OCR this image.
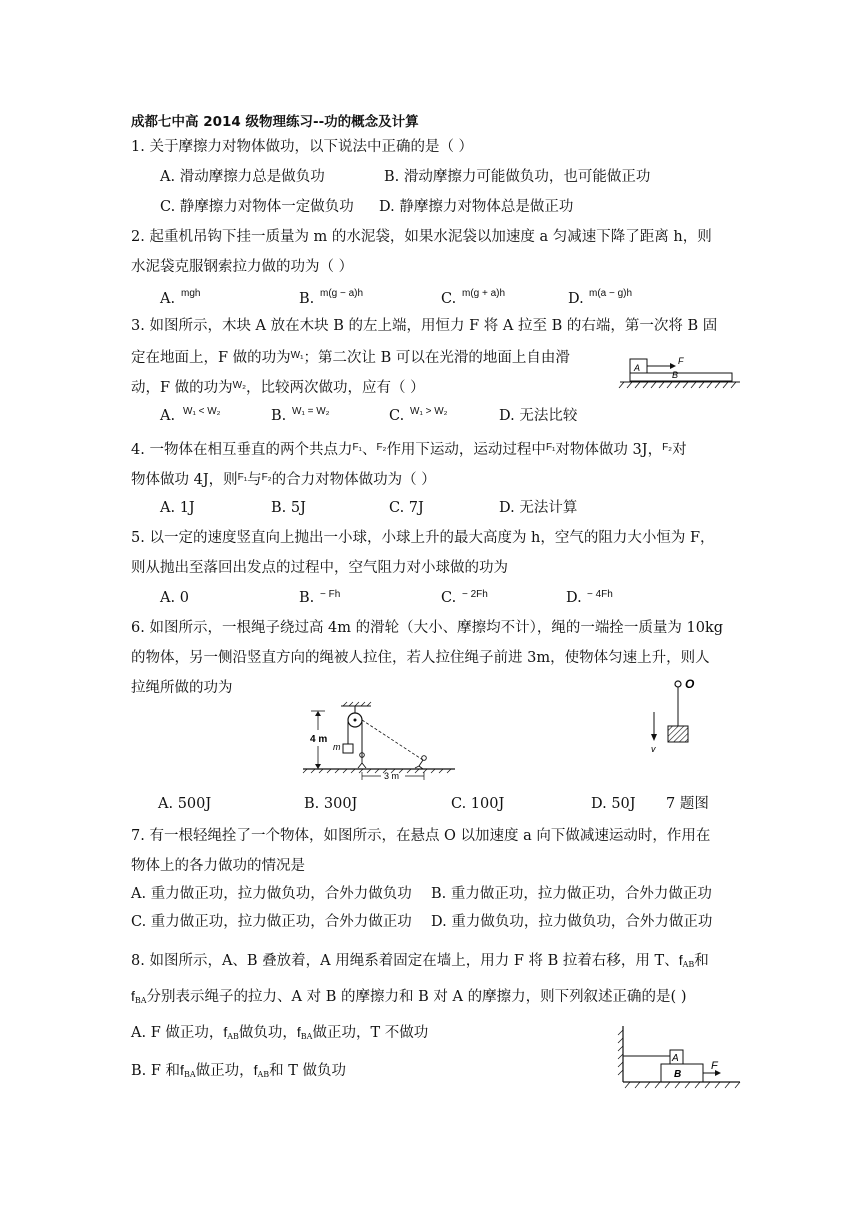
成都七中高 2014 级物理练习--功的概念及计算
1. 关于摩擦力对物体做功，以下说法中正确的是（ ）
A. 滑动摩擦力总是做负功	B. 滑动摩擦力可能做负功，也可能做正功
C. 静摩擦力对物体一定做负功 D. 静摩擦力对物体总是做正功
2. 起重机吊钩下挂一质量为 m 的水泥袋，如果水泥袋以加速度 a 匀减速下降了距离 h，则
水泥袋克服钢索拉力做的功为（ ）
A. mgh	B. m(g − a)h	C. m(g + a)h	D. m(a − g)h
3. 如图所示，木块 A 放在木块 B 的左上端，用恒力 F 将 A 拉至 B 的右端，第一次将 B 固
定在地面上，F 做的功为$^{W_1}$；第二次让 B 可以在光滑的地面上自由滑
动，F 做的功为$^{W_2}$，比较两次做功，应有（ ）
A
B
F
A. W₁ < W₂	B. W₁ = W₂	C. W₁ > W₂	D. 无法比较
4. 一物体在相互垂直的两个共点力$^{F_1}$、$^{F_2}$作用下运动，运动过程中$^{F_1}$对物体做功 3J，$^{F_2}$对
物体做功 4J，则$^{F_1}$与$^{F_2}$的合力对物体做功为（ ）
A. 1J	B. 5J	C. 7J	D. 无法计算
5. 以一定的速度竖直向上抛出一小球，小球上升的最大高度为 h，空气的阻力大小恒为 F，
则从抛出至落回出发点的过程中，空气阻力对小球做的功为
A. 0	B. − Fh	C. − 2Fh	D. − 4Fh
6. 如图所示，一根绳子绕过高 4m 的滑轮（大小、摩擦均不计），绳的一端拴一质量为 10kg
的物体，另一侧沿竖直方向的绳被人拉住，若人拉住绳子前进 3m，使物体匀速上升，则人
拉绳所做的功为
4 m
m
3 m
O
v
A. 500J	B. 300J	C. 100J	D. 50J 7 题图
7. 有一根轻绳拴了一个物体，如图所示，在悬点 O 以加速度 a 向下做减速运动时，作用在
物体上的各力做功的情况是
A. 重力做正功，拉力做负功，合外力做负功 B. 重力做正功，拉力做正功，合外力做正功
C. 重力做正功，拉力做正功，合外力做正功 D. 重力做负功，拉力做负功，合外力做正功
8. 如图所示，A、B 叠放着，A 用绳系着固定在墙上，用力 F 将 B 拉着右移，用 T、$f_{AB}$和
$f_{BA}$分别表示绳子的拉力、A 对 B 的摩擦力和 B 对 A 的摩擦力，则下列叙述正确的是( )
A. F 做正功，$f_{AB}$做负功，$f_{BA}$做正功，T 不做功
B. F 和$f_{BA}$做正功，$f_{AB}$和 T 做负功
A
B
F
